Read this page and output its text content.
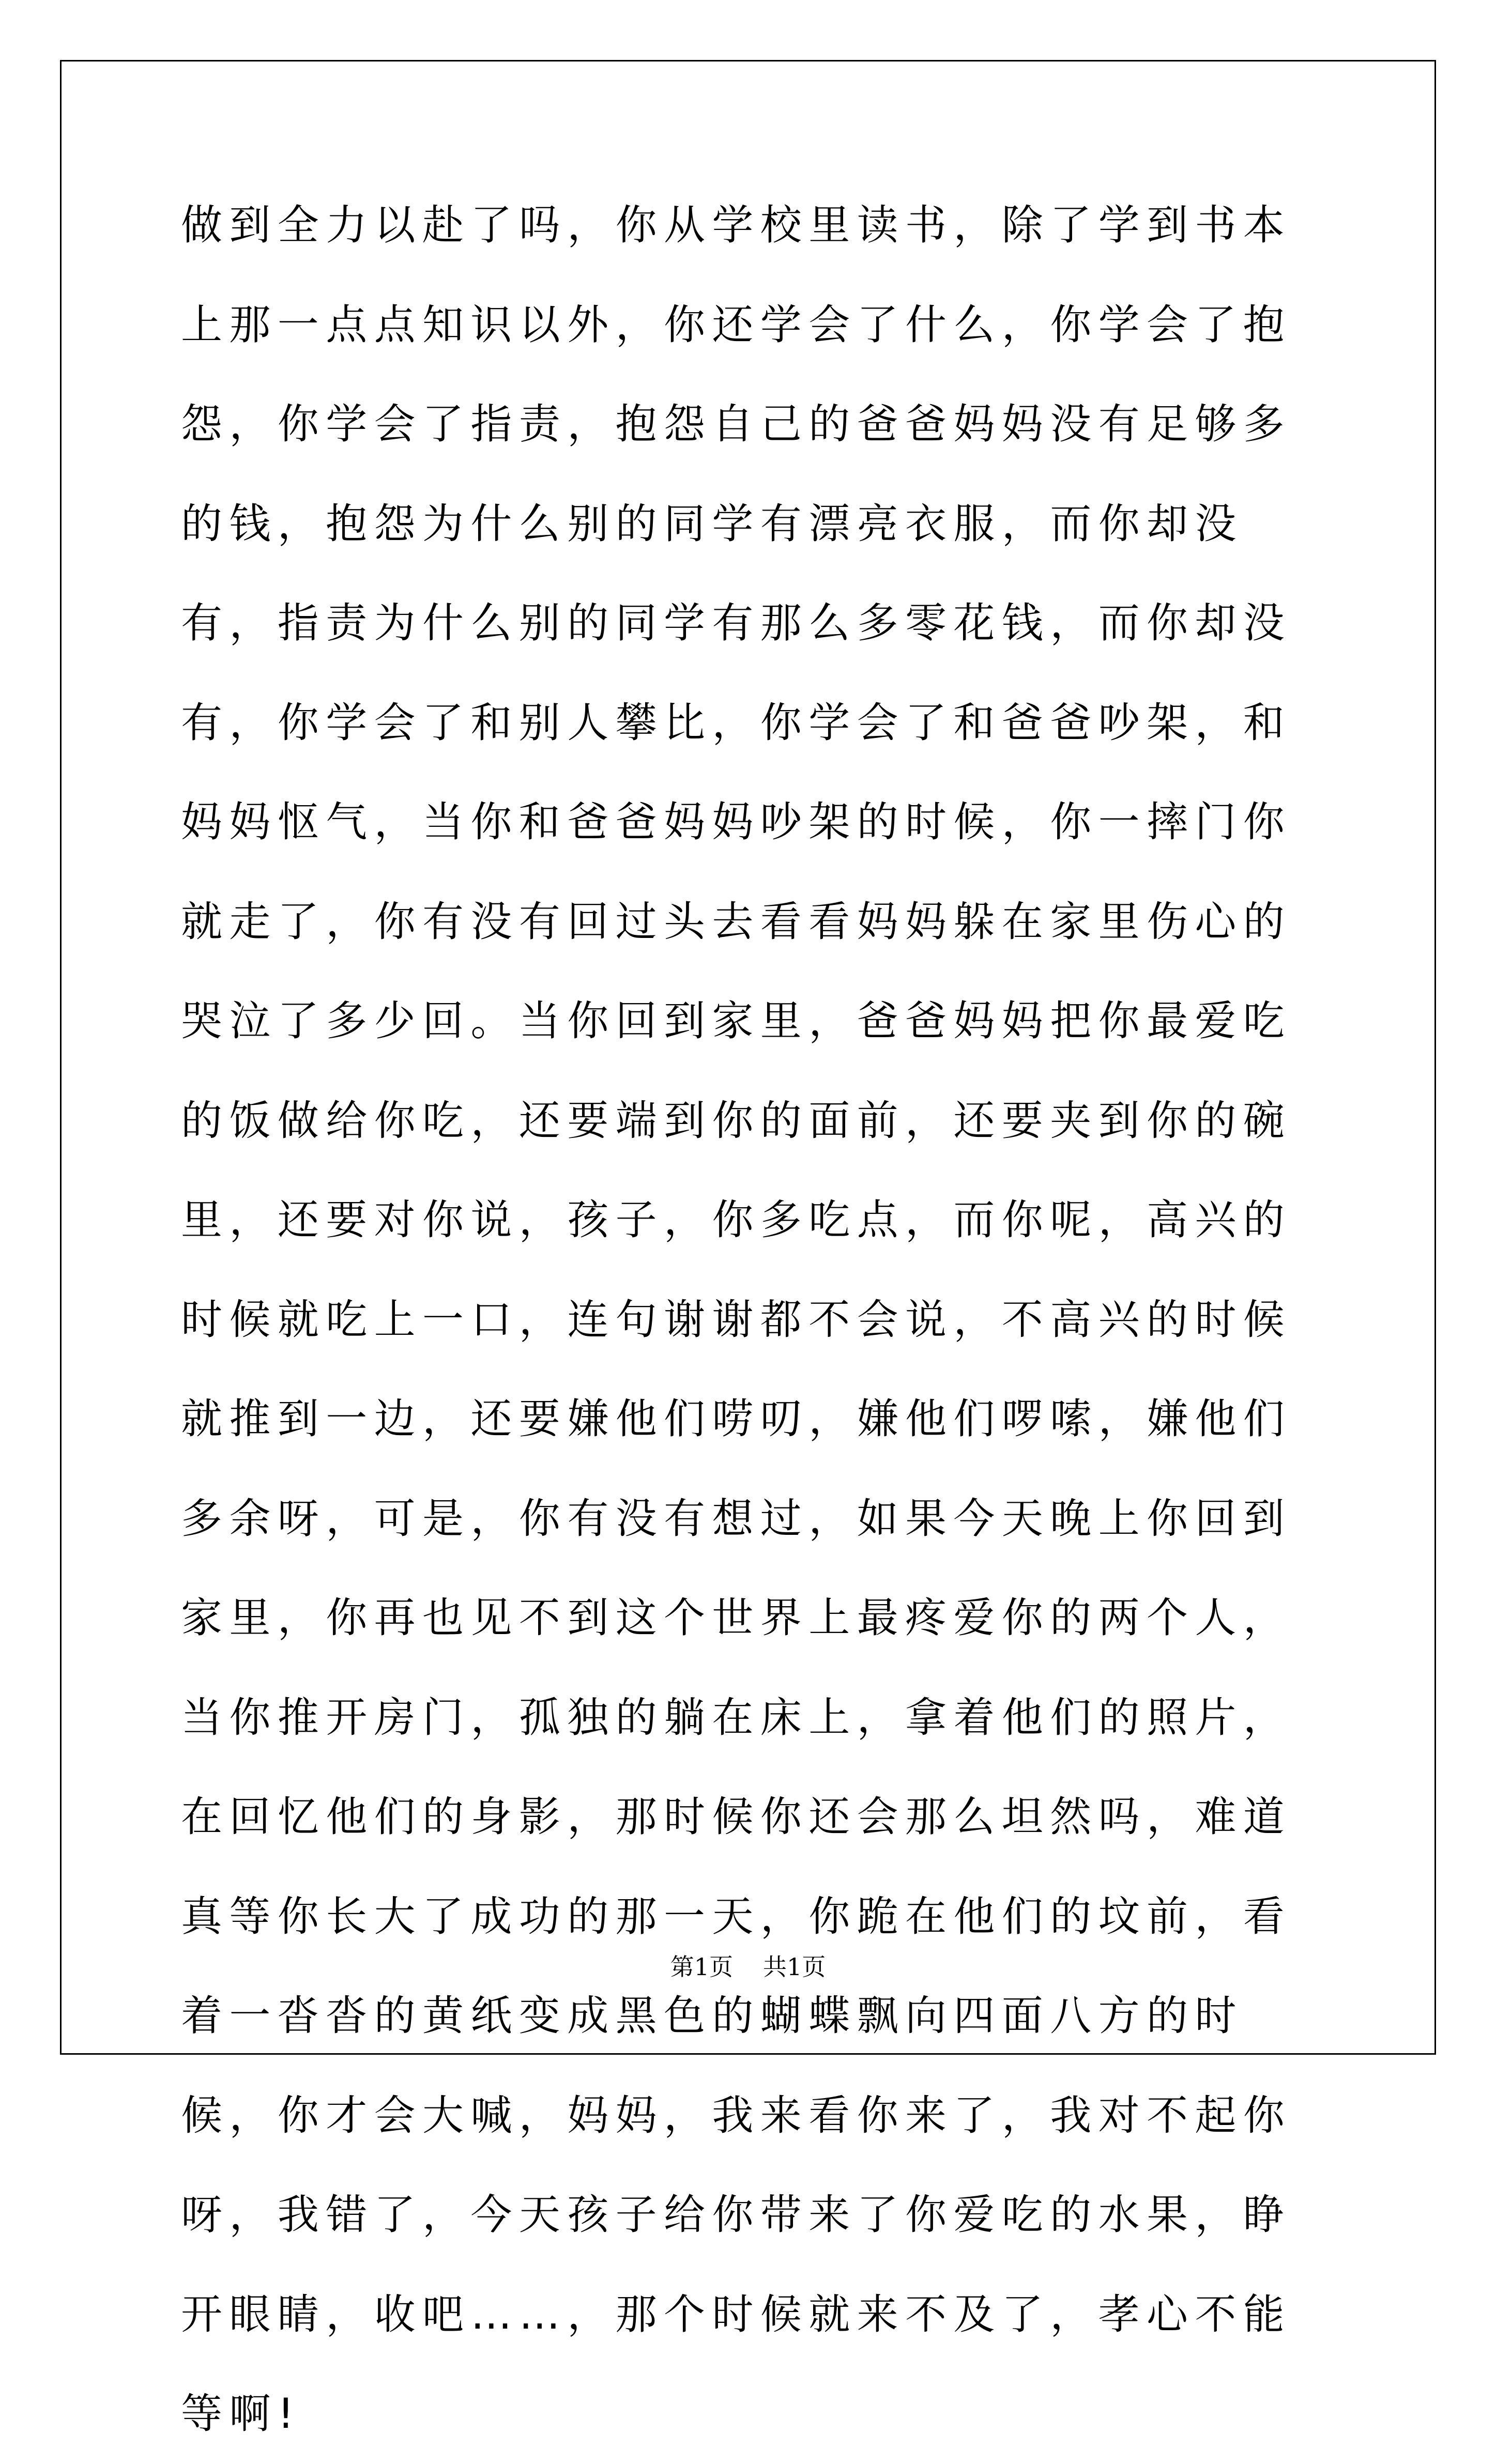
做到全力以赴了吗，你从学校里读书，除了学到书本上那一点点知识以外，你还学会了什么，你学会了抱怨，你学会了指责，抱怨自己的爸爸妈妈没有足够多的钱，抱怨为什么别的同学有漂亮衣服，而你却没有，指责为什么别的同学有那么多零花钱，而你却没有，你学会了和别人攀比，你学会了和爸爸吵架，和妈妈怄气，当你和爸爸妈妈吵架的时候，你一摔门你就走了，你有没有回过头去看看妈妈躲在家里伤心的哭泣了多少回。当你回到家里，爸爸妈妈把你最爱吃的饭做给你吃，还要端到你的面前，还要夹到你的碗里，还要对你说，孩子，你多吃点，而你呢，高兴的时候就吃上一口，连句谢谢都不会说，不高兴的时候就推到一边，还要嫌他们唠叨，嫌他们啰嗦，嫌他们多余呀，可是，你有没有想过，如果今天晚上你回到家里，你再也见不到这个世界上最疼爱你的两个人，当你推开房门，孤独的躺在床上，拿着他们的照片，在回忆他们的身影，那时候你还会那么坦然吗，难道真等你长大了成功的那一天，你跪在他们的坟前，看着一沓沓的黄纸变成黑色的蝴蝶飘向四面八方的时候，你才会大喊，妈妈，我来看你来了，我对不起你呀，我错了，今天孩子给你带来了你爱吃的水果，睁开眼睛，收吧……，那个时候就来不及了，孝心不能等啊!

第1页 共1页
